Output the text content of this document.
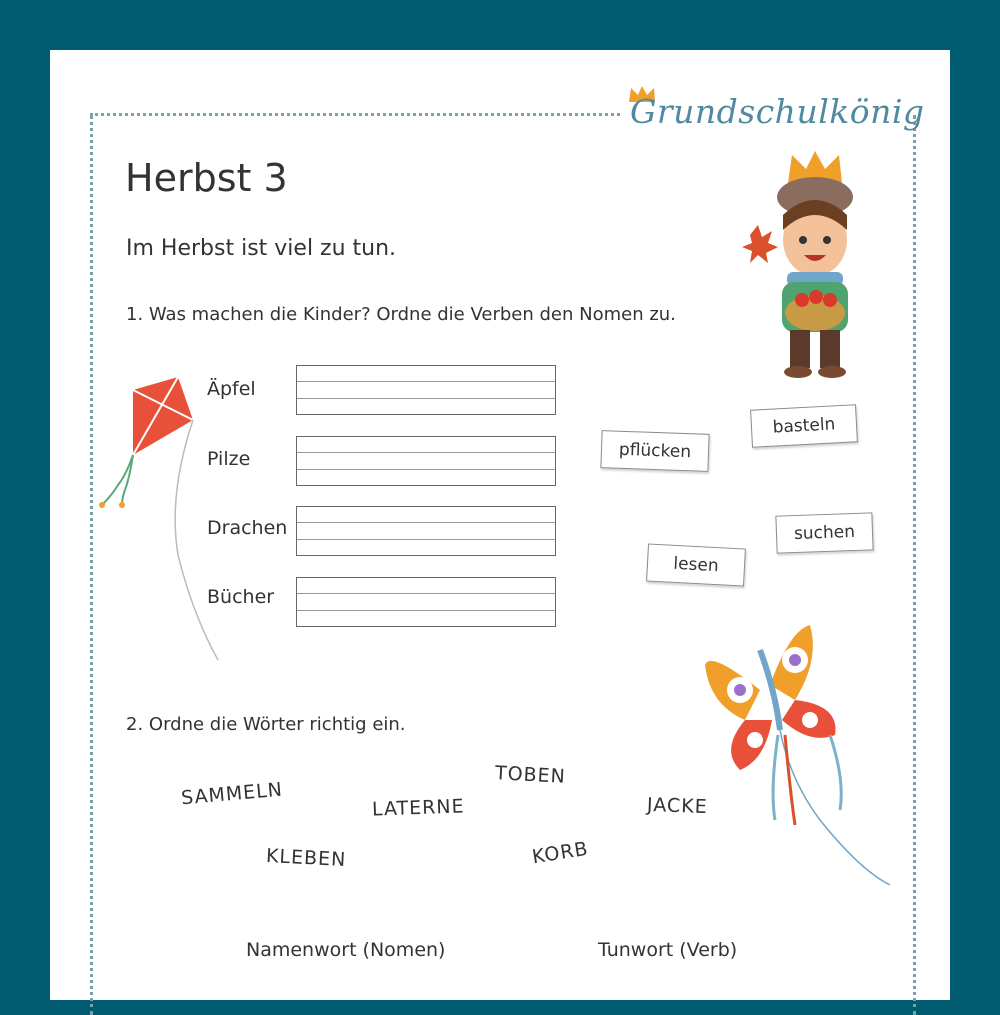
Grundschulkönig
Herbst 3
Im Herbst ist viel zu tun.
1. Was machen die Kinder? Ordne die Verben den Nomen zu.
Äpfel
Pilze
Drachen
Bücher
pflücken
basteln
suchen
lesen
2. Ordne die Wörter richtig ein.
SAMMELN	LATERNE
TOBEN
JACKE
KLEBEN	KORB
Namenwort (Nomen)	Tunwort (Verb)
